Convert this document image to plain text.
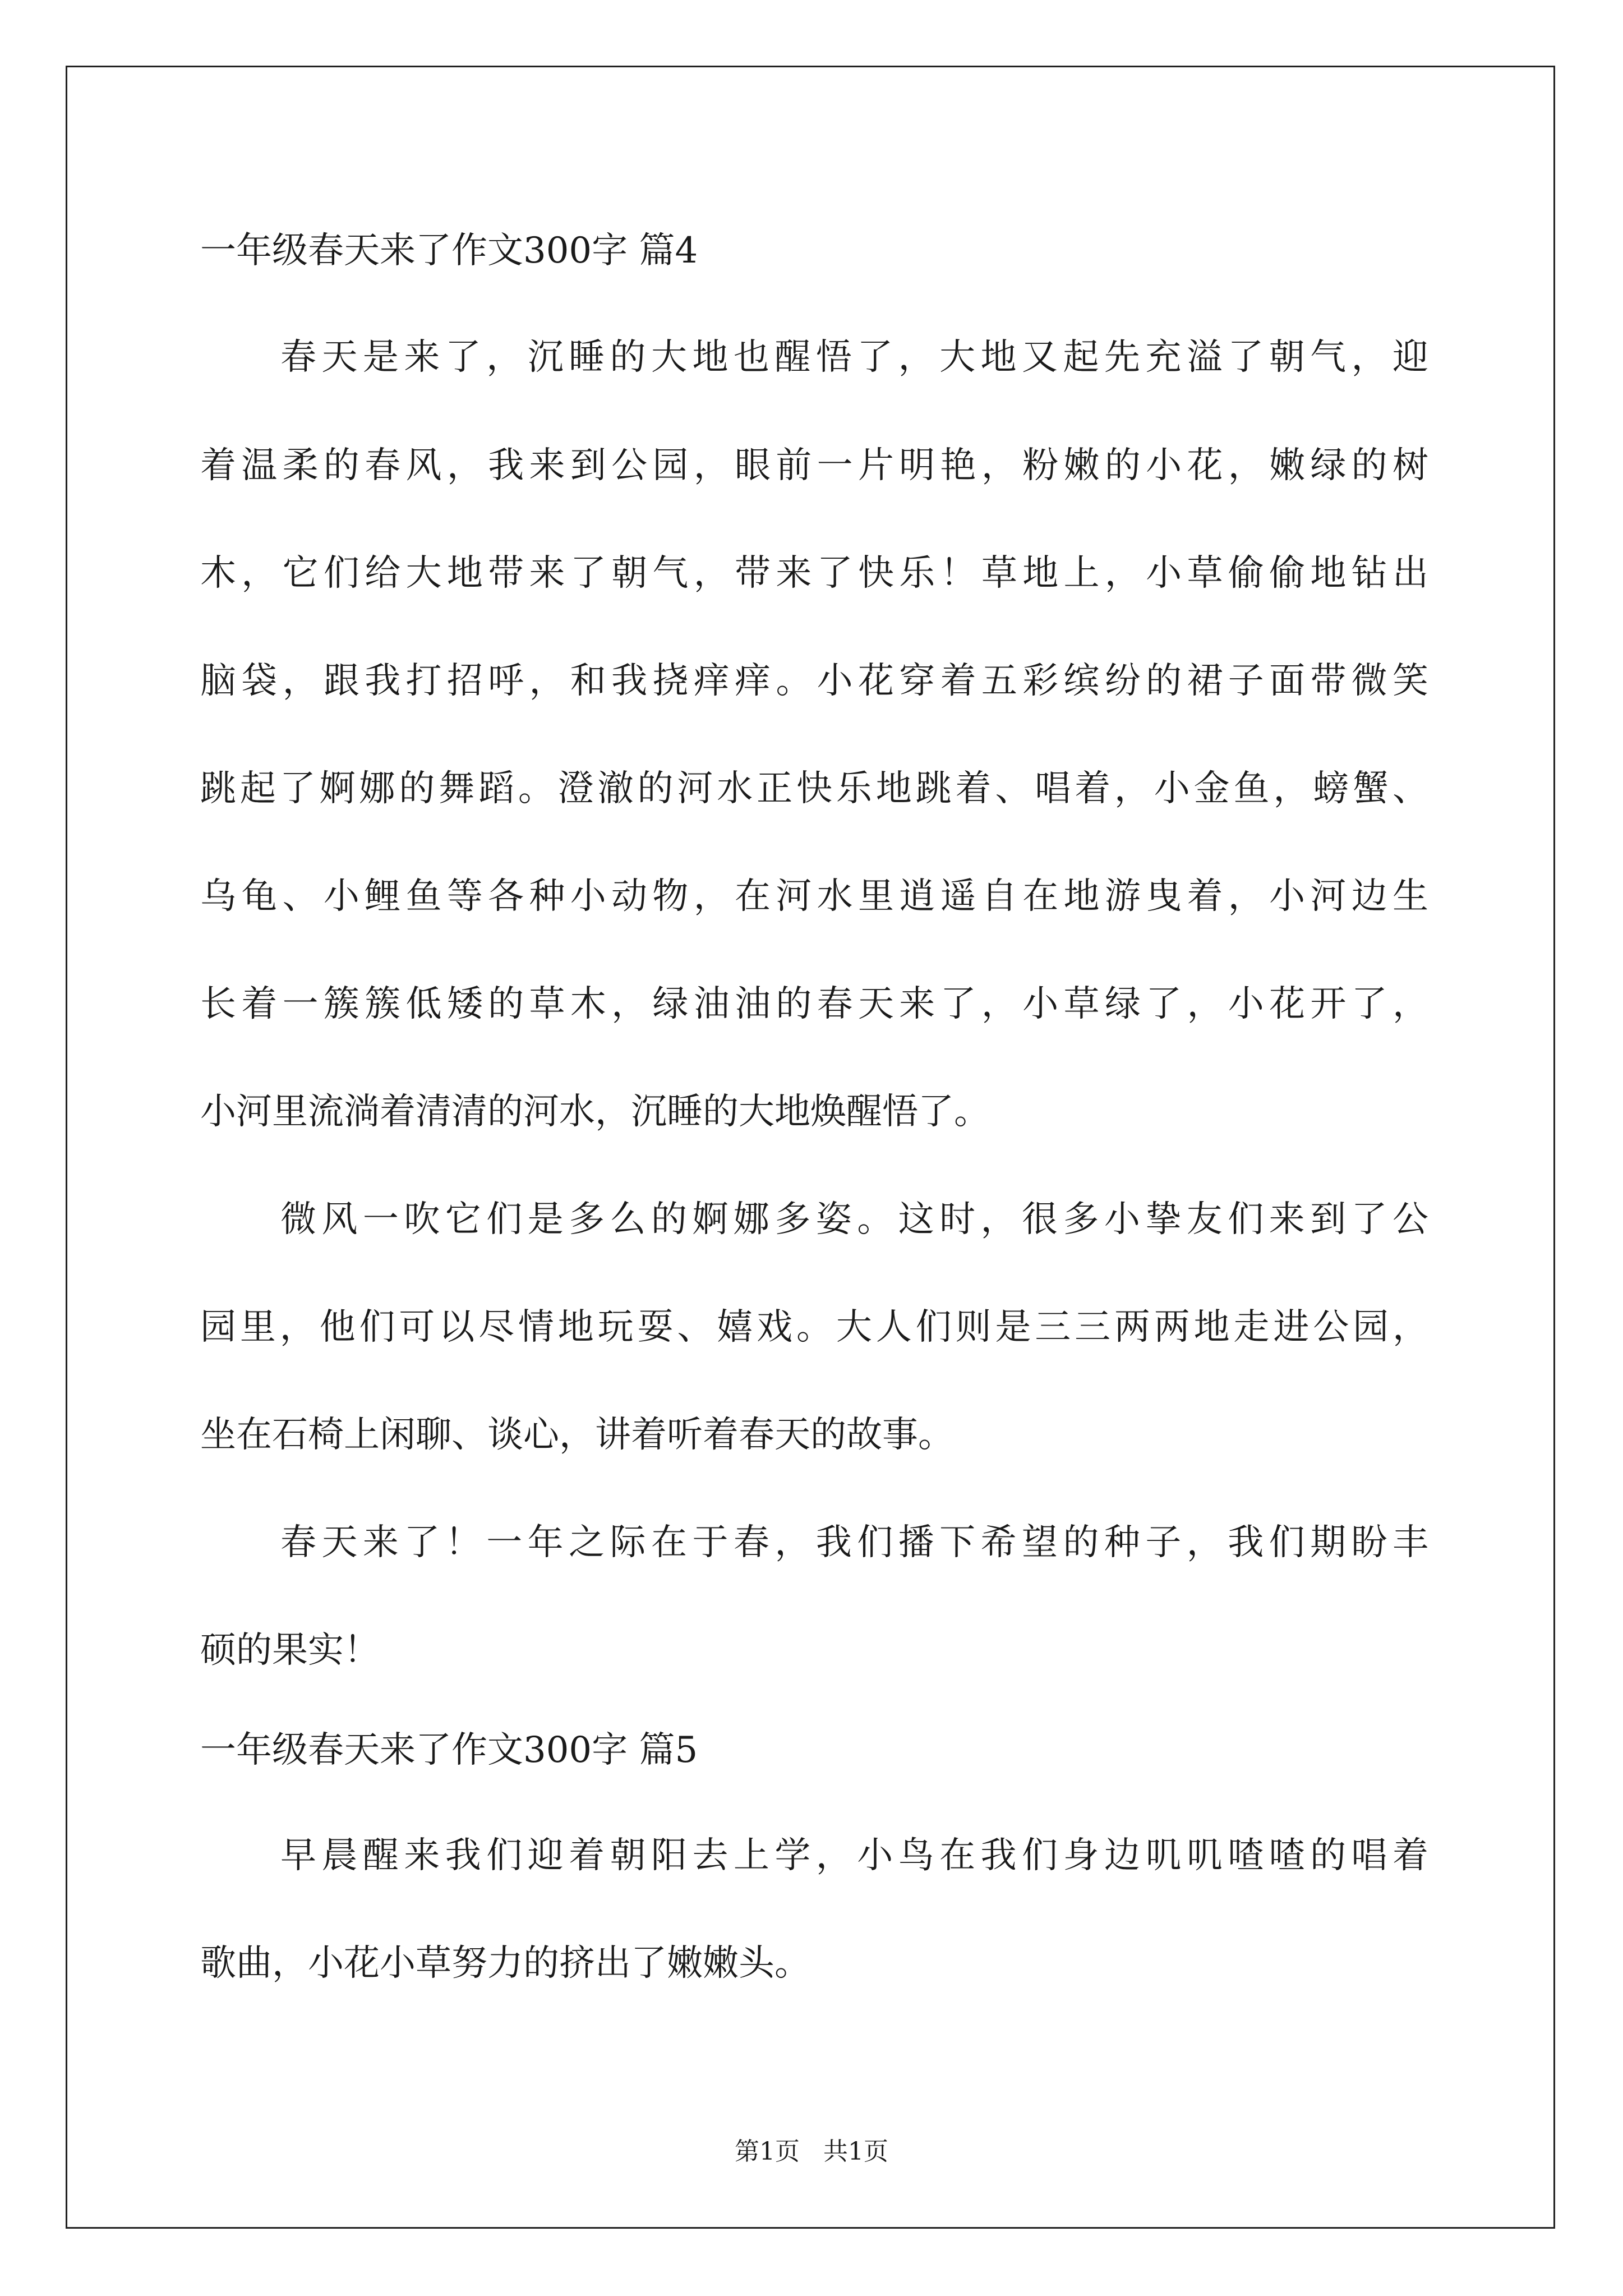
一年级春天来了作文300字 篇4
春天是来了，沉睡的大地也醒悟了，大地又起先充溢了朝气，迎
着温柔的春风，我来到公园，眼前一片明艳，粉嫩的小花，嫩绿的树
木，它们给大地带来了朝气，带来了快乐！草地上，小草偷偷地钻出
脑袋，跟我打招呼，和我挠痒痒。小花穿着五彩缤纷的裙子面带微笑
跳起了婀娜的舞蹈。澄澈的河水正快乐地跳着、唱着，小金鱼，螃蟹、
乌龟、小鲤鱼等各种小动物，在河水里逍遥自在地游曳着，小河边生
长着一簇簇低矮的草木，绿油油的春天来了，小草绿了，小花开了，
小河里流淌着清清的河水，沉睡的大地焕醒悟了。
微风一吹它们是多么的婀娜多姿。这时，很多小挚友们来到了公
园里，他们可以尽情地玩耍、嬉戏。大人们则是三三两两地走进公园，
坐在石椅上闲聊、谈心，讲着听着春天的故事。
春天来了！一年之际在于春，我们播下希望的种子，我们期盼丰
硕的果实！
一年级春天来了作文300字 篇5
早晨醒来我们迎着朝阳去上学，小鸟在我们身边叽叽喳喳的唱着
歌曲，小花小草努力的挤出了嫩嫩头。
第1页   共1页
